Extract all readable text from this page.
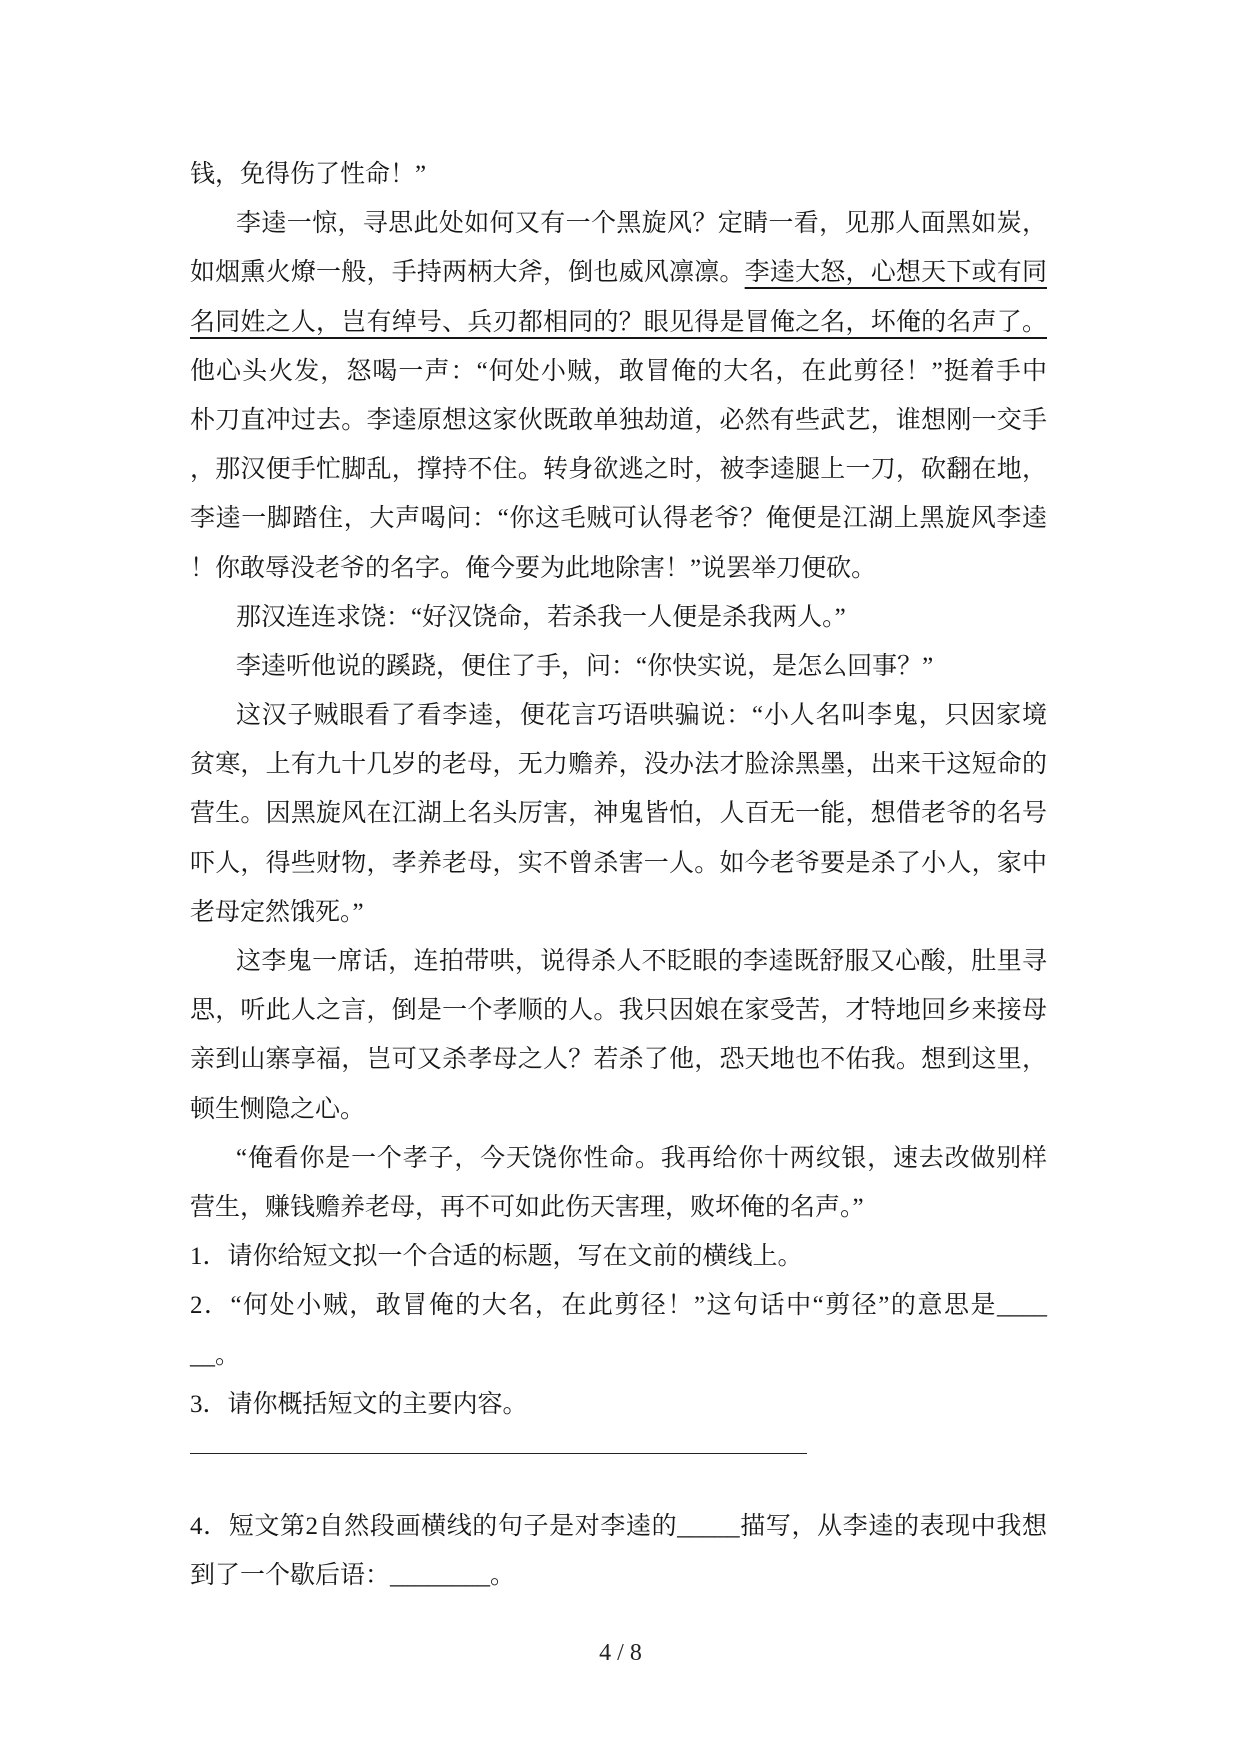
钱，免得伤了性命！”
李逵一惊，寻思此处如何又有一个黑旋风？定睛一看，见那人面黑如炭，
如烟熏火燎一般，手持两柄大斧，倒也威风凛凛。李逵大怒，心想天下或有同
名同姓之人，岂有绰号、兵刃都相同的？眼见得是冒俺之名，坏俺的名声了。
他心头火发，怒喝一声：“何处小贼，敢冒俺的大名，在此剪径！”挺着手中
朴刀直冲过去。李逵原想这家伙既敢单独劫道，必然有些武艺，谁想刚一交手
，那汉便手忙脚乱，撑持不住。转身欲逃之时，被李逵腿上一刀，砍翻在地，
李逵一脚踏住，大声喝问：“你这毛贼可认得老爷？俺便是江湖上黑旋风李逵
！你敢辱没老爷的名字。俺今要为此地除害！”说罢举刀便砍。
那汉连连求饶：“好汉饶命，若杀我一人便是杀我两人。”
李逵听他说的蹊跷，便住了手，问：“你快实说，是怎么回事？”
这汉子贼眼看了看李逵，便花言巧语哄骗说：“小人名叫李鬼，只因家境
贫寒，上有九十几岁的老母，无力赡养，没办法才脸涂黑墨，出来干这短命的
营生。因黑旋风在江湖上名头厉害，神鬼皆怕，人百无一能，想借老爷的名号
吓人，得些财物，孝养老母，实不曾杀害一人。如今老爷要是杀了小人，家中
老母定然饿死。”
这李鬼一席话，连拍带哄，说得杀人不眨眼的李逵既舒服又心酸，肚里寻
思，听此人之言，倒是一个孝顺的人。我只因娘在家受苦，才特地回乡来接母
亲到山寨享福，岂可又杀孝母之人？若杀了他，恐天地也不佑我。想到这里，
顿生恻隐之心。
“俺看你是一个孝子，今天饶你性命。我再给你十两纹银，速去改做别样
营生，赚钱赡养老母，再不可如此伤天害理，败坏俺的名声。”
1．请你给短文拟一个合适的标题，写在文前的横线上。
2．“何处小贼，敢冒俺的大名，在此剪径！”这句话中“剪径”的意思是____
__。
3．请你概括短文的主要内容。
4．短文第2自然段画横线的句子是对李逵的_____描写，从李逵的表现中我想
到了一个歇后语：________。
4 / 8
